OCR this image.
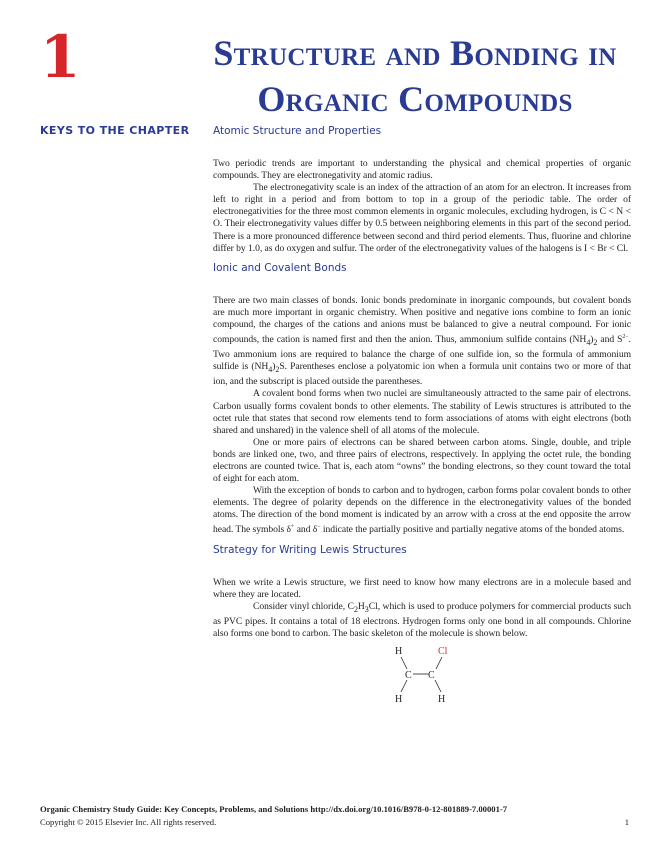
1	Structure and Bonding in
Organic Compounds
KEYS TO THE CHAPTER Atomic Structure and Properties

Two periodic trends are important to understanding the physical and chemical properties of organic compounds. They are electronegativity and atomic radius.

The electronegativity scale is an index of the attraction of an atom for an electron. It increases from left to right in a period and from bottom to top in a group of the periodic table. The order of electronegativities for the three most common elements in organic molecules, excluding hydrogen, is C < N < O. Their electronegativity values differ by 0.5 between neighboring elements in this part of the second period. There is a more pronounced difference between second and third period elements. Thus, fluorine and chlorine differ by 1.0, as do oxygen and sulfur. The order of the electronegativity values of the halogens is I < Br < Cl.

Ionic and Covalent Bonds

There are two main classes of bonds. Ionic bonds predominate in inorganic compounds, but covalent bonds are much more important in organic chemistry. When positive and negative ions combine to form an ionic compound, the charges of the cations and anions must be balanced to give a neutral compound. For ionic compounds, the cation is named first and then the anion. Thus, ammonium sulfide contains $(NH_4)_2$ and $S^{2-}$. Two ammonium ions are required to balance the charge of one sulfide ion, so the formula of ammonium sulfide is $(NH_4)_2S$. Parentheses enclose a polyatomic ion when a formula unit contains two or more of that ion, and the subscript is placed outside the parentheses.

A covalent bond forms when two nuclei are simultaneously attracted to the same pair of electrons. Carbon usually forms covalent bonds to other elements. The stability of Lewis structures is attributed to the octet rule that states that second row elements tend to form associations of atoms with eight electrons (both shared and unshared) in the valence shell of all atoms of the molecule.

One or more pairs of electrons can be shared between carbon atoms. Single, double, and triple bonds are linked one, two, and three pairs of electrons, respectively. In applying the octet rule, the bonding electrons are counted twice. That is, each atom “owns” the bonding electrons, so they count toward the total of eight for each atom.

With the exception of bonds to carbon and to hydrogen, carbon forms polar covalent bonds to other elements. The degree of polarity depends on the difference in the electronegativity values of the bonded atoms. The direction of the bond moment is indicated by an arrow with a cross at the end opposite the arrow head. The symbols δ+ and δ− indicate the partially positive and partially negative atoms of the bonded atoms.

Strategy for Writing Lewis Structures

When we write a Lewis structure, we first need to know how many electrons are in a molecule based and where they are located.

Consider vinyl chloride, $C_2H_3Cl$, which is used to produce polymers for commercial products such as PVC pipes. It contains a total of 18 electrons. Hydrogen forms only one bond in all compounds. Chlorine also forms one bond to carbon. The basic skeleton of the molecule is shown below.

H	Cl
C C
H	H
Organic Chemistry Study Guide: Key Concepts, Problems, and Solutions http://dx.doi.org/10.1016/B978-0-12-801889-7.00001-7
Copyright © 2015 Elsevier Inc. All rights reserved.	1
